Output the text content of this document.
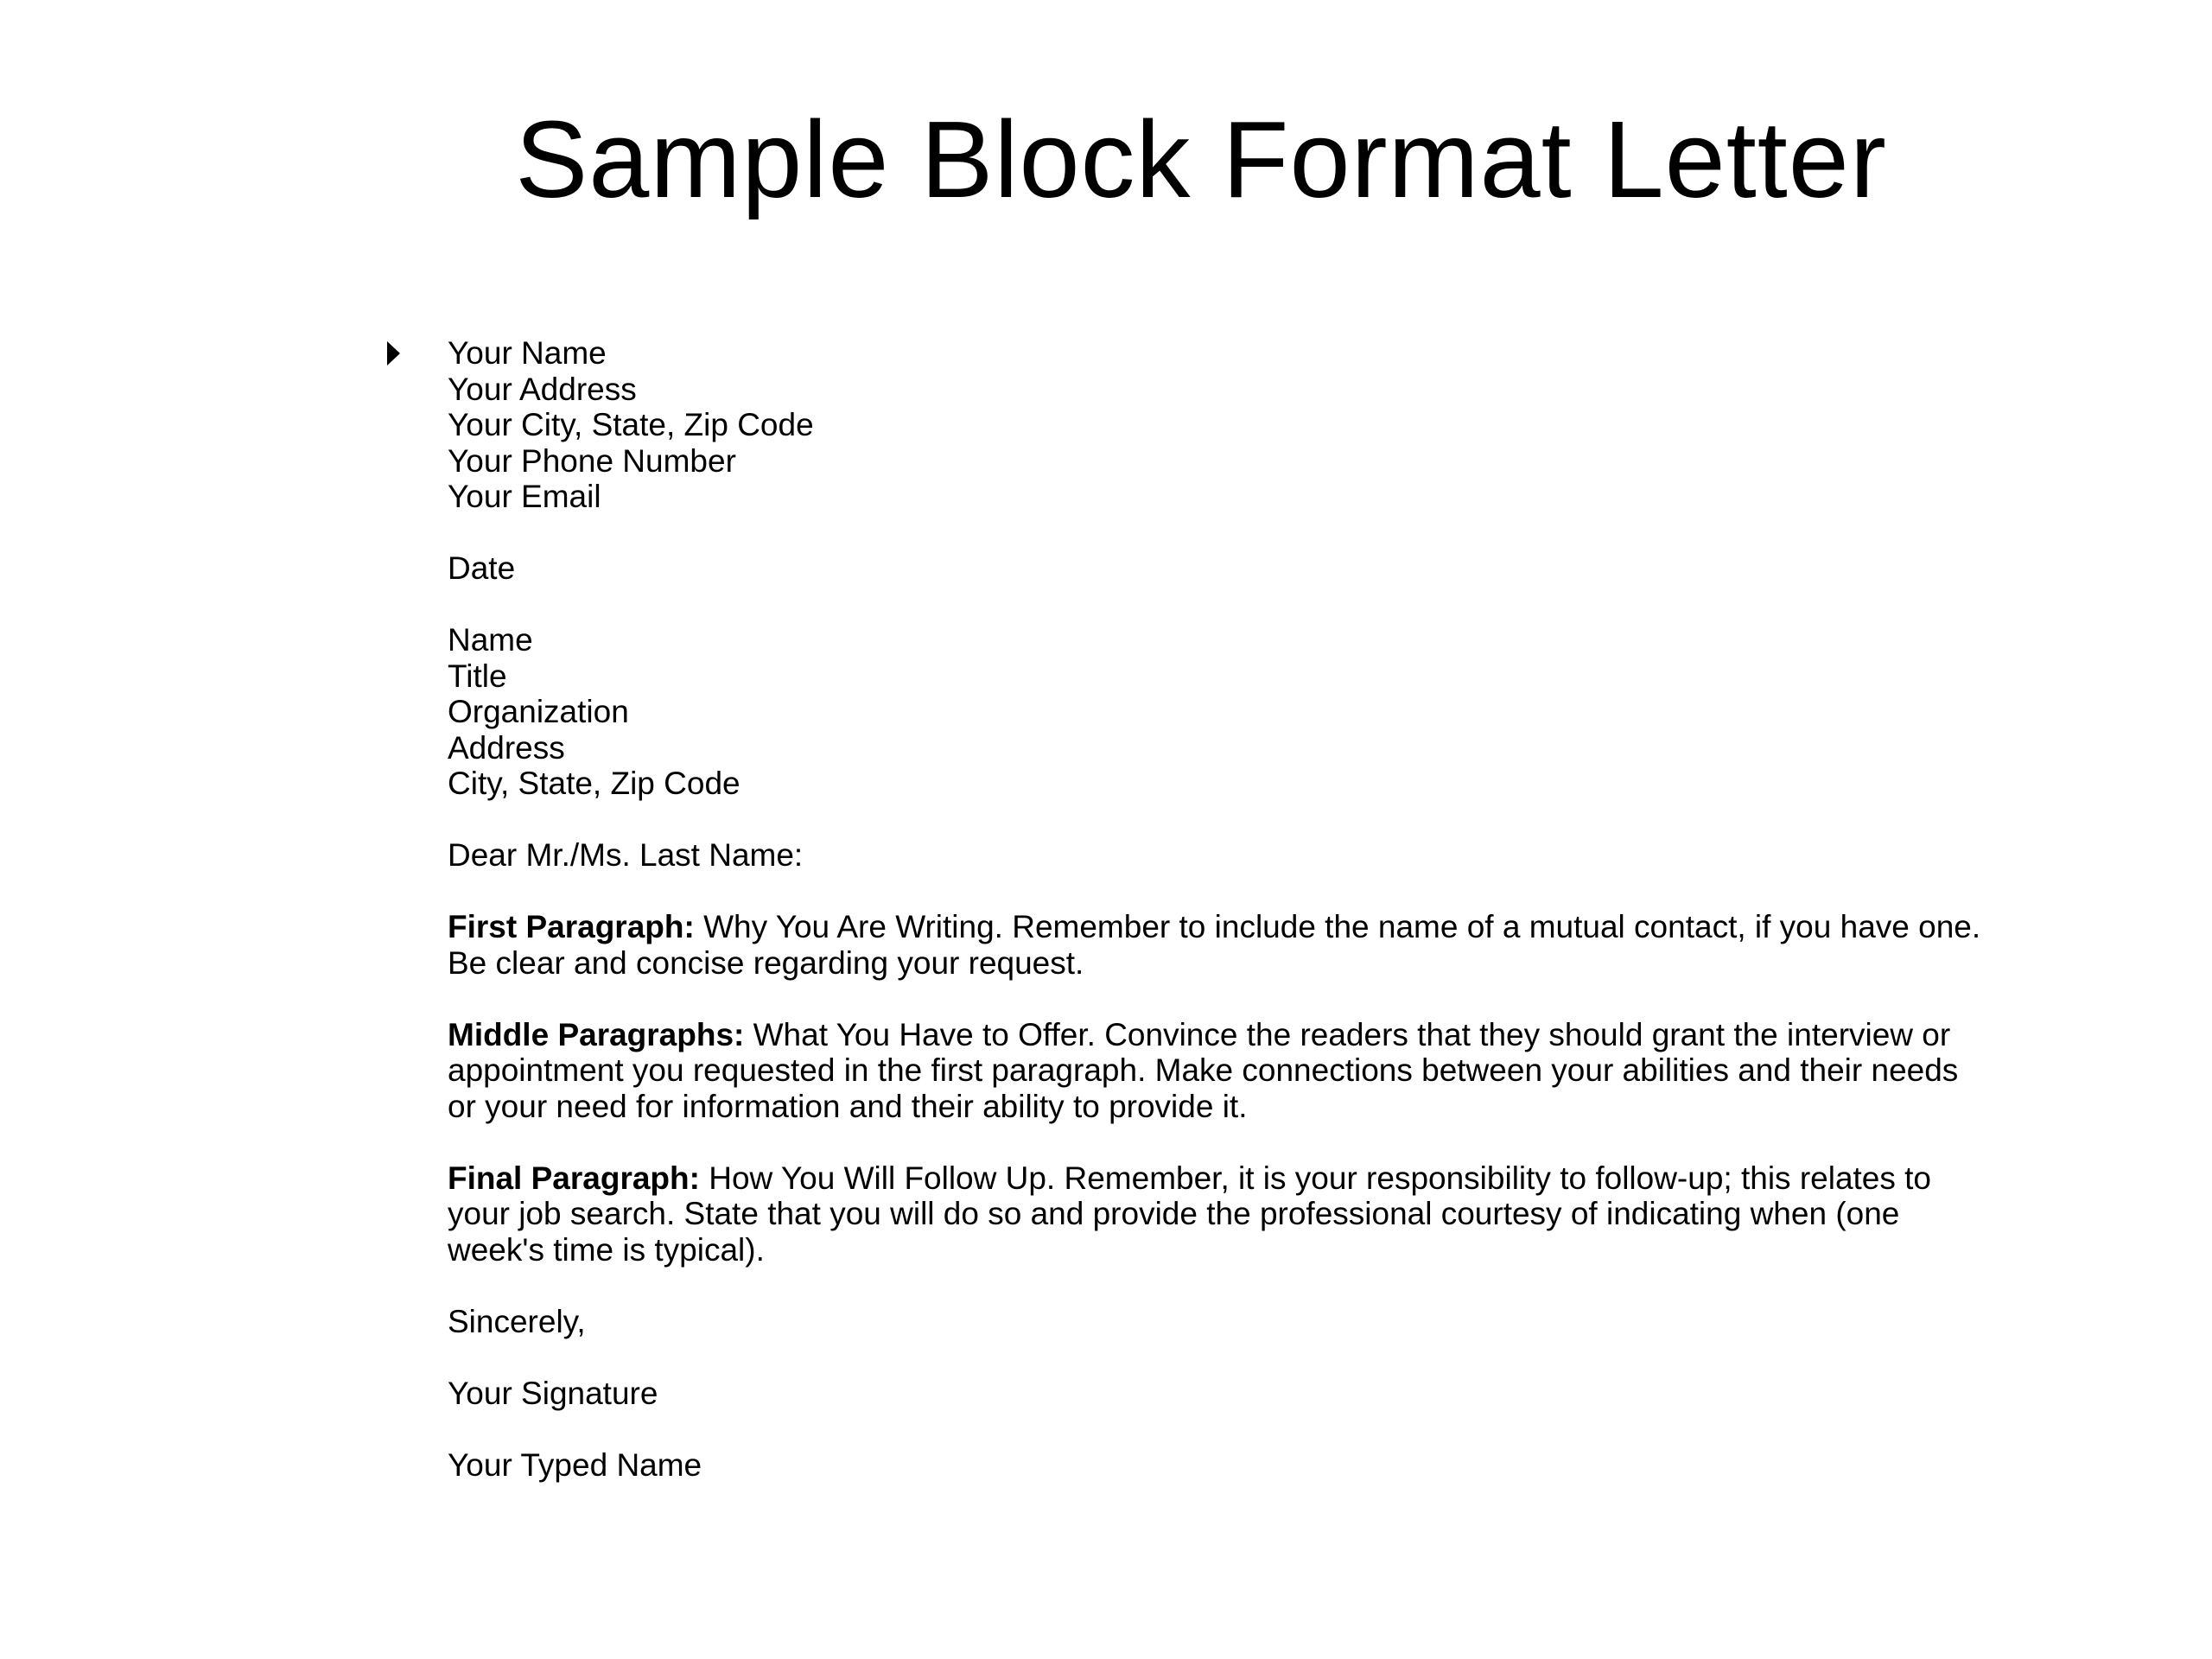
Sample Block Format Letter
Your Name
Your Address
Your City, State, Zip Code
Your Phone Number
Your Email
Date
Name
Title
Organization
Address
City, State, Zip Code
Dear Mr./Ms. Last Name:
First Paragraph: Why You Are Writing. Remember to include the name of a mutual contact, if you have one. Be clear and concise regarding your request.
Middle Paragraphs: What You Have to Offer. Convince the readers that they should grant the interview or appointment you requested in the first paragraph. Make connections between your abilities and their needs or your need for information and their ability to provide it.
Final Paragraph: How You Will Follow Up. Remember, it is your responsibility to follow-up; this relates to your job search. State that you will do so and provide the professional courtesy of indicating when (one week's time is typical).
Sincerely,
Your Signature
Your Typed Name
